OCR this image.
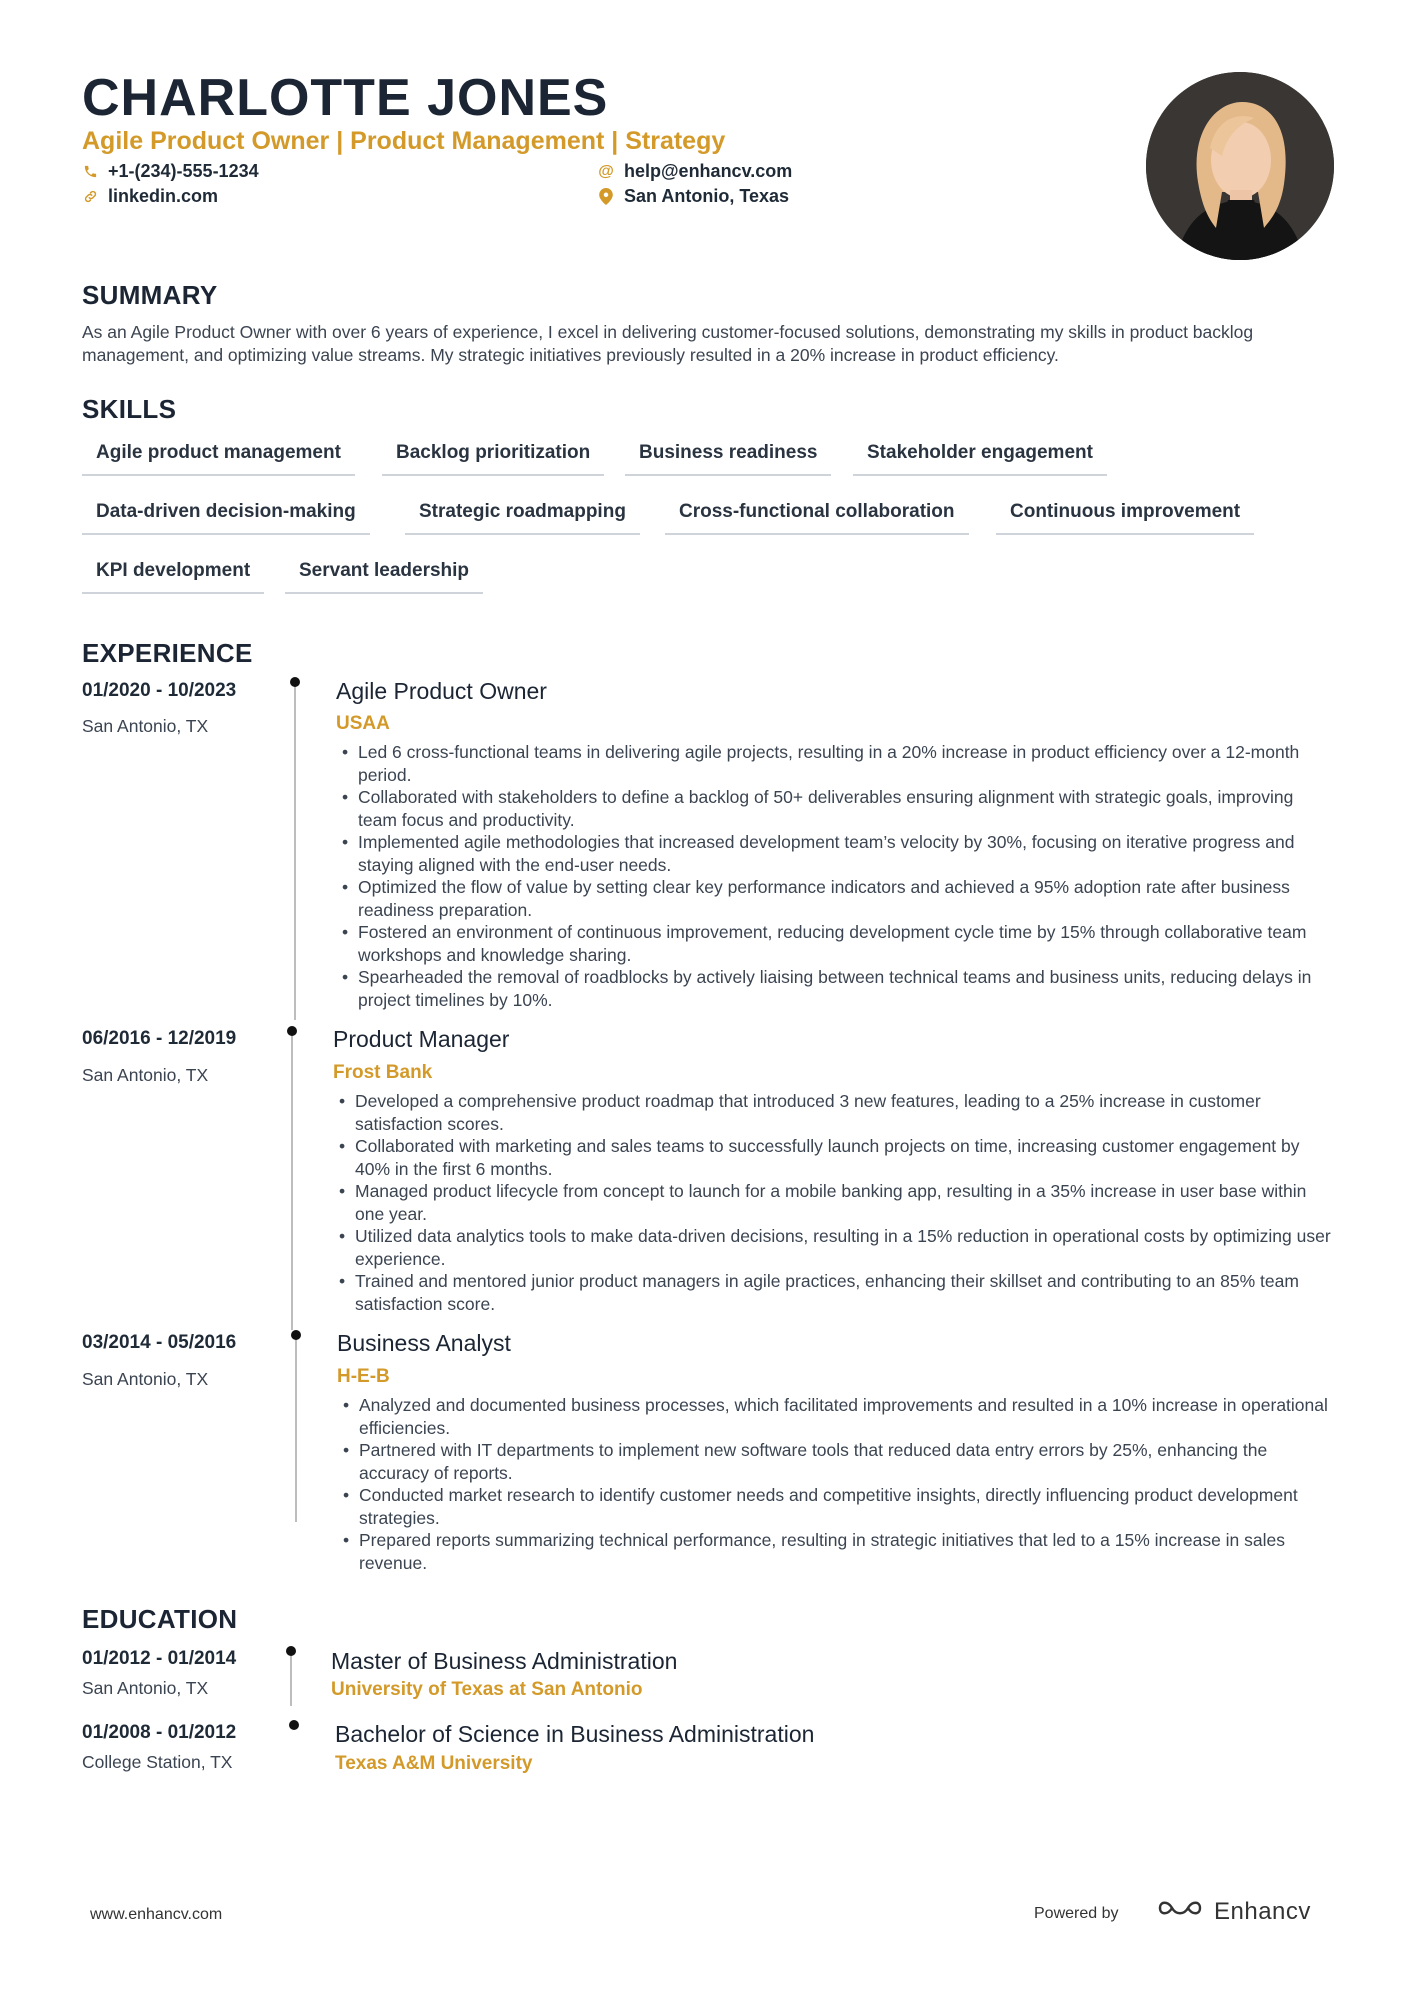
CHARLOTTE JONES
Agile Product Owner | Product Management | Strategy
+1-(234)-555-1234	@ help@enhancv.com
linkedin.com	San Antonio, Texas
SUMMARY
As an Agile Product Owner with over 6 years of experience, I excel in delivering customer-focused solutions, demonstrating my skills in product backlog management, and optimizing value streams. My strategic initiatives previously resulted in a 20% increase in product efficiency.
SKILLS
Agile product management	Backlog prioritization	Business readiness	Stakeholder engagement
Data-driven decision-making	Strategic roadmapping	Cross-functional collaboration	Continuous improvement
KPI development	Servant leadership
EXPERIENCE
01/2020 - 10/2023
San Antonio, TX
Agile Product Owner
USAA
• Led 6 cross-functional teams in delivering agile projects, resulting in a 20% increase in product efficiency over a 12-month period.
• Collaborated with stakeholders to define a backlog of 50+ deliverables ensuring alignment with strategic goals, improving team focus and productivity.
• Implemented agile methodologies that increased development team’s velocity by 30%, focusing on iterative progress and staying aligned with the end-user needs.
• Optimized the flow of value by setting clear key performance indicators and achieved a 95% adoption rate after business readiness preparation.
• Fostered an environment of continuous improvement, reducing development cycle time by 15% through collaborative team workshops and knowledge sharing.
• Spearheaded the removal of roadblocks by actively liaising between technical teams and business units, reducing delays in project timelines by 10%.
06/2016 - 12/2019
San Antonio, TX
Product Manager
Frost Bank
• Developed a comprehensive product roadmap that introduced 3 new features, leading to a 25% increase in customer satisfaction scores.
• Collaborated with marketing and sales teams to successfully launch projects on time, increasing customer engagement by 40% in the first 6 months.
• Managed product lifecycle from concept to launch for a mobile banking app, resulting in a 35% increase in user base within one year.
• Utilized data analytics tools to make data-driven decisions, resulting in a 15% reduction in operational costs by optimizing user experience.
• Trained and mentored junior product managers in agile practices, enhancing their skillset and contributing to an 85% team satisfaction score.
03/2014 - 05/2016
San Antonio, TX
Business Analyst
H-E-B
• Analyzed and documented business processes, which facilitated improvements and resulted in a 10% increase in operational efficiencies.
• Partnered with IT departments to implement new software tools that reduced data entry errors by 25%, enhancing the accuracy of reports.
• Conducted market research to identify customer needs and competitive insights, directly influencing product development strategies.
• Prepared reports summarizing technical performance, resulting in strategic initiatives that led to a 15% increase in sales revenue.
EDUCATION
01/2012 - 01/2014
San Antonio, TX
Master of Business Administration
University of Texas at San Antonio
01/2008 - 01/2012
College Station, TX
Bachelor of Science in Business Administration
Texas A&M University
www.enhancv.com	Powered by	Enhancv
